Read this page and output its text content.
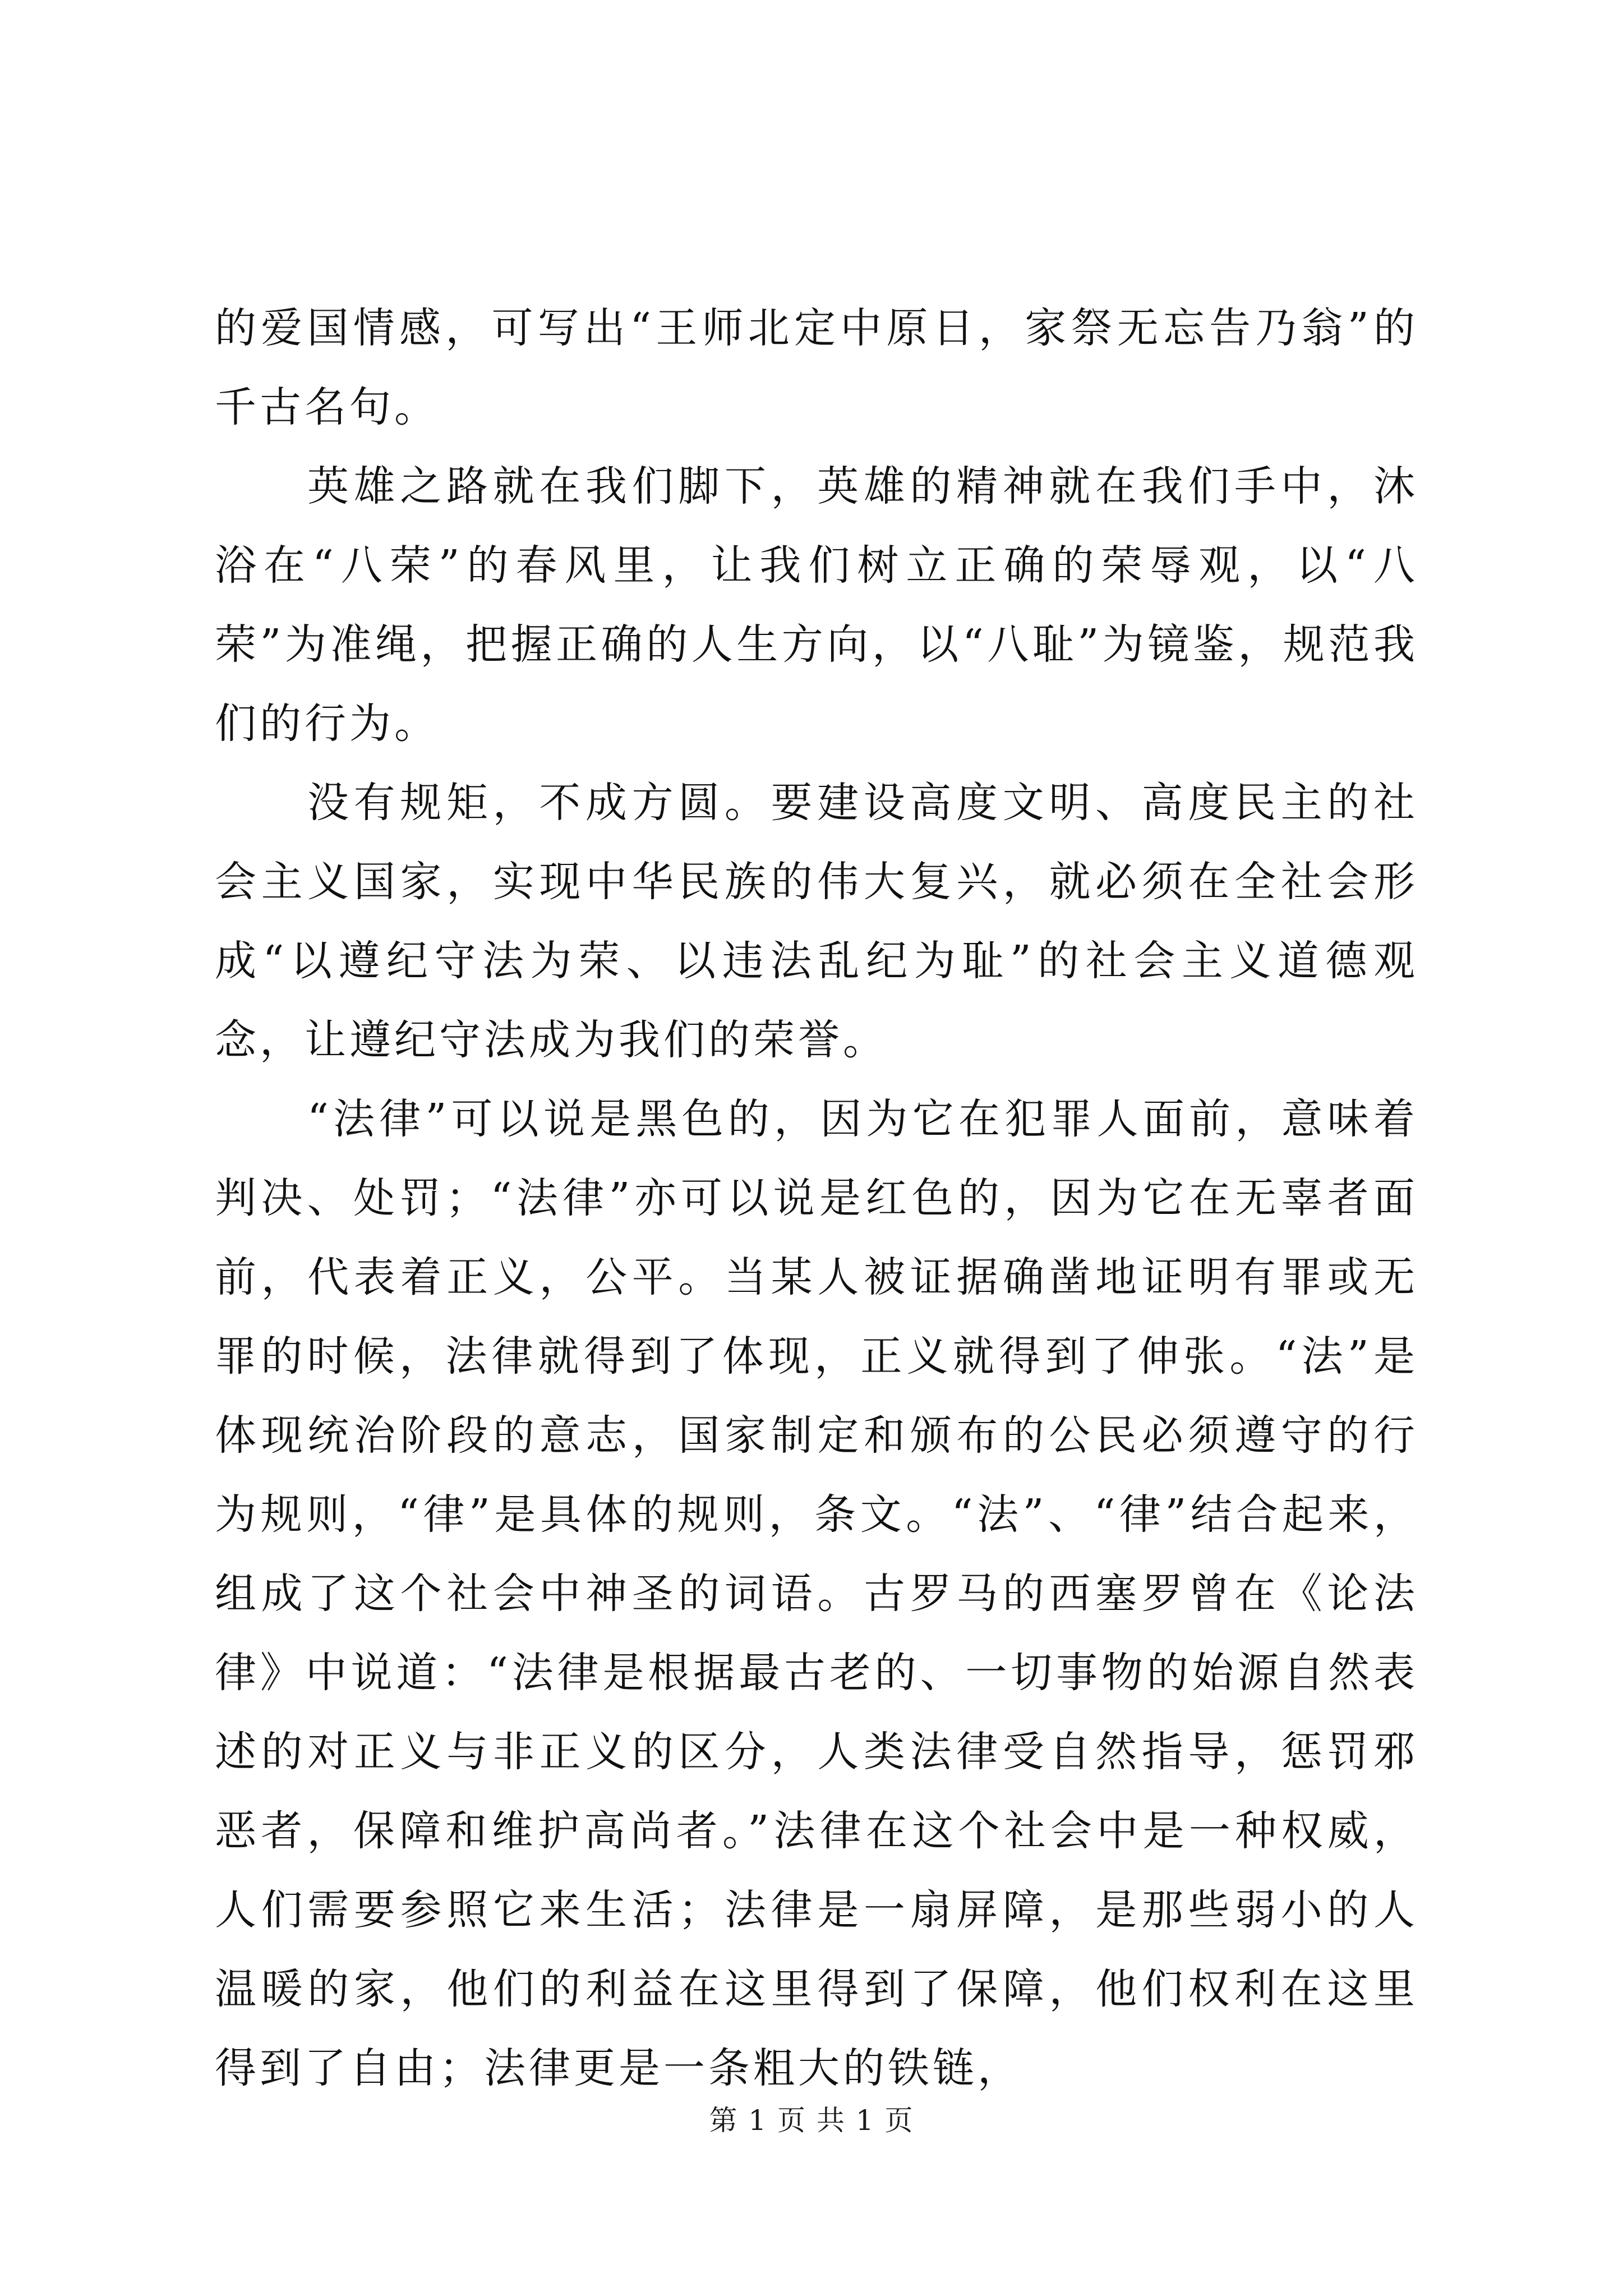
的爱国情感，可写出“王师北定中原日，家祭无忘告乃翁”的千古名句。

英雄之路就在我们脚下，英雄的精神就在我们手中，沐浴在“八荣”的春风里，让我们树立正确的荣辱观，以“八荣”为准绳，把握正确的人生方向，以“八耻”为镜鉴，规范我们的行为。

没有规矩，不成方圆。要建设高度文明、高度民主的社会主义国家，实现中华民族的伟大复兴，就必须在全社会形成“以遵纪守法为荣、以违法乱纪为耻”的社会主义道德观念，让遵纪守法成为我们的荣誉。

“法律”可以说是黑色的，因为它在犯罪人面前，意味着判决、处罚；“法律”亦可以说是红色的，因为它在无辜者面前，代表着正义，公平。当某人被证据确凿地证明有罪或无罪的时候，法律就得到了体现，正义就得到了伸张。“法”是体现统治阶段的意志，国家制定和颁布的公民必须遵守的行为规则，“律”是具体的规则，条文。“法”、“律”结合起来，组成了这个社会中神圣的词语。古罗马的西塞罗曾在《论法律》中说道：“法律是根据最古老的、一切事物的始源自然表述的对正义与非正义的区分，人类法律受自然指导，惩罚邪恶者，保障和维护高尚者。”法律在这个社会中是一种权威，人们需要参照它来生活；法律是一扇屏障，是那些弱小的人温暖的家，他们的利益在这里得到了保障，他们权利在这里得到了自由；法律更是一条粗大的铁链，

第 1 页 共 1 页
